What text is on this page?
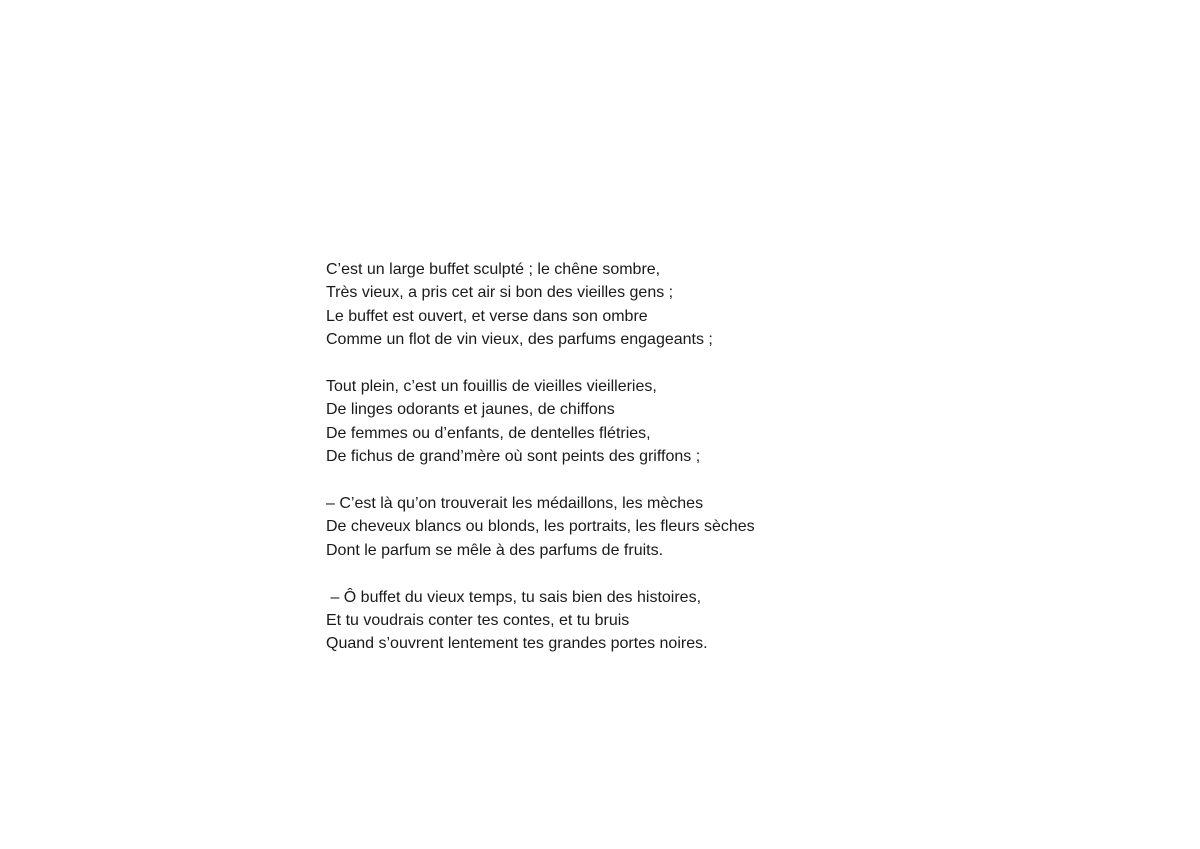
C’est un large buffet sculpté ; le chêne sombre,
Très vieux, a pris cet air si bon des vieilles gens ;
Le buffet est ouvert, et verse dans son ombre
Comme un flot de vin vieux, des parfums engageants ;
Tout plein, c’est un fouillis de vieilles vieilleries,
De linges odorants et jaunes, de chiffons
De femmes ou d’enfants, de dentelles flétries,
De fichus de grand’mère où sont peints des griffons ;
– C’est là qu’on trouverait les médaillons, les mèches
De cheveux blancs ou blonds, les portraits, les fleurs sèches
Dont le parfum se mêle à des parfums de fruits.
– Ô buffet du vieux temps, tu sais bien des histoires,
Et tu voudrais conter tes contes, et tu bruis
Quand s’ouvrent lentement tes grandes portes noires.
